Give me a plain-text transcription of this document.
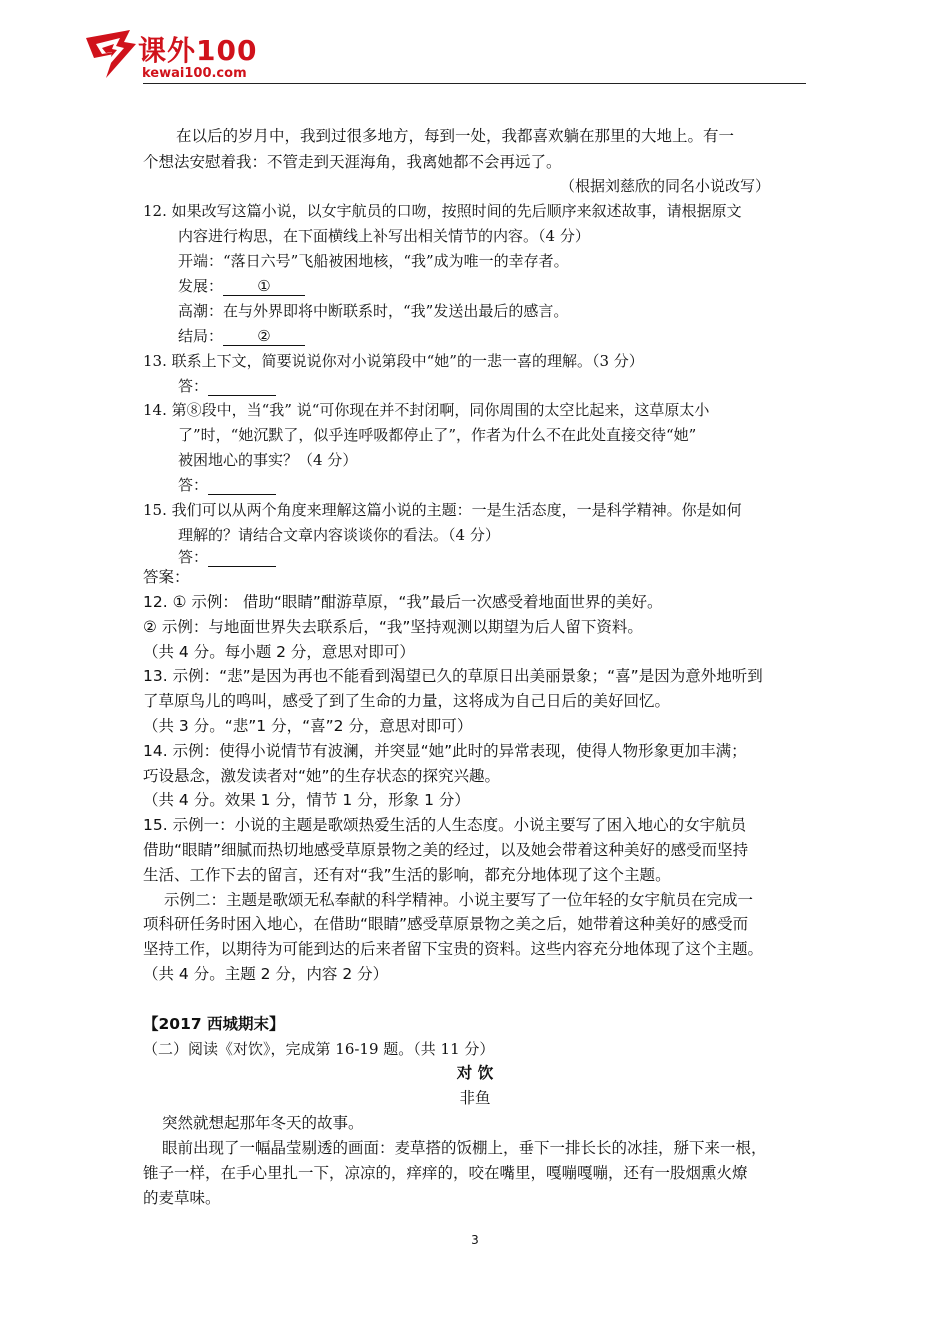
课外100
kewai100.com
在以后的岁月中，我到过很多地方，每到一处，我都喜欢躺在那里的大地上。有一
个想法安慰着我：不管走到天涯海角，我离她都不会再远了。
（根据刘慈欣的同名小说改写）
12. 如果改写这篇小说，以女宇航员的口吻，按照时间的先后顺序来叙述故事，请根据原文
内容进行构思，在下面横线上补写出相关情节的内容。（4 分）
开端：“落日六号”飞船被困地核，“我”成为唯一的幸存者。
发展： ①
高潮：在与外界即将中断联系时，“我”发送出最后的感言。
结局： ②
13. 联系上下文，简要说说你对小说第段中“她”的一悲一喜的理解。（3 分）
答：
14. 第⑧段中，当“我” 说“可你现在并不封闭啊，同你周围的太空比起来，这草原太小
了”时，“她沉默了，似乎连呼吸都停止了”，作者为什么不在此处直接交待“她”
被困地心的事实？（4 分）
答：
15. 我们可以从两个角度来理解这篇小说的主题：一是生活态度，一是科学精神。你是如何
理解的？请结合文章内容谈谈你的看法。（4 分）
答：
答案：
12. ① 示例： 借助“眼睛”酣游草原，“我”最后一次感受着地面世界的美好。
② 示例：与地面世界失去联系后，“我”坚持观测以期望为后人留下资料。
（共 4 分。每小题 2 分，意思对即可）
13. 示例：“悲”是因为再也不能看到渴望已久的草原日出美丽景象；“喜”是因为意外地听到
了草原鸟儿的鸣叫，感受了到了生命的力量，这将成为自己日后的美好回忆。
（共 3 分。“悲”1 分，“喜”2 分，意思对即可）
14. 示例：使得小说情节有波澜，并突显“她”此时的异常表现，使得人物形象更加丰满；
巧设悬念，激发读者对“她”的生存状态的探究兴趣。
（共 4 分。效果 1 分，情节 1 分，形象 1 分）
15. 示例一：小说的主题是歌颂热爱生活的人生态度。小说主要写了困入地心的女宇航员
借助“眼睛”细腻而热切地感受草原景物之美的经过，以及她会带着这种美好的感受而坚持
生活、工作下去的留言，还有对“我”生活的影响，都充分地体现了这个主题。
示例二：主题是歌颂无私奉献的科学精神。小说主要写了一位年轻的女宇航员在完成一
项科研任务时困入地心，在借助“眼睛”感受草原景物之美之后，她带着这种美好的感受而
坚持工作，以期待为可能到达的后来者留下宝贵的资料。这些内容充分地体现了这个主题。
（共 4 分。主题 2 分，内容 2 分）
【2017 西城期末】
（二）阅读《对饮》，完成第 16-19 题。（共 11 分）
对 饮
非鱼
突然就想起那年冬天的故事。
眼前出现了一幅晶莹剔透的画面：麦草搭的饭棚上，垂下一排长长的冰挂，掰下来一根，
锥子一样，在手心里扎一下，凉凉的，痒痒的，咬在嘴里，嘎嘣嘎嘣，还有一股烟熏火燎
的麦草味。
3
